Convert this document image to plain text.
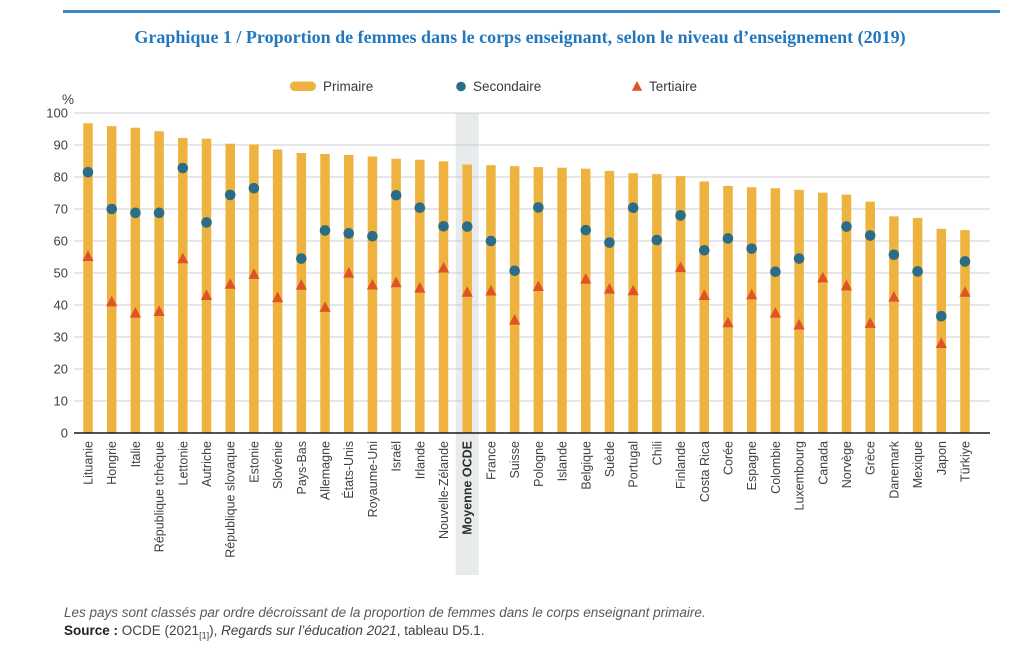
Graphique 1 / Proportion de femmes dans le corps enseignant, selon le niveau d’enseignement (2019)
0
10
20
30
40
50
60
70
80
90
100
%
Lituanie Hongrie Italie République tchèque Lettonie Autriche République slovaque Estonie Slovénie Pays-Bas Allemagne États-Unis Royaume-Uni Israël Irlande Nouvelle-Zélande Moyenne OCDE France Suisse Pologne Islande Belgique Suède Portugal Chili Finlande Costa Rica Corée Espagne Colombie Luxembourg Canada Norvège Grèce Danemark Mexique Japon Türkiye
Primaire	Secondaire	Tertiaire
Les pays sont classés par ordre décroissant de la proportion de femmes dans le corps enseignant primaire.
Source : OCDE $(2021_{[1]})$, Regards sur l’éducation 2021, tableau D5.1.
